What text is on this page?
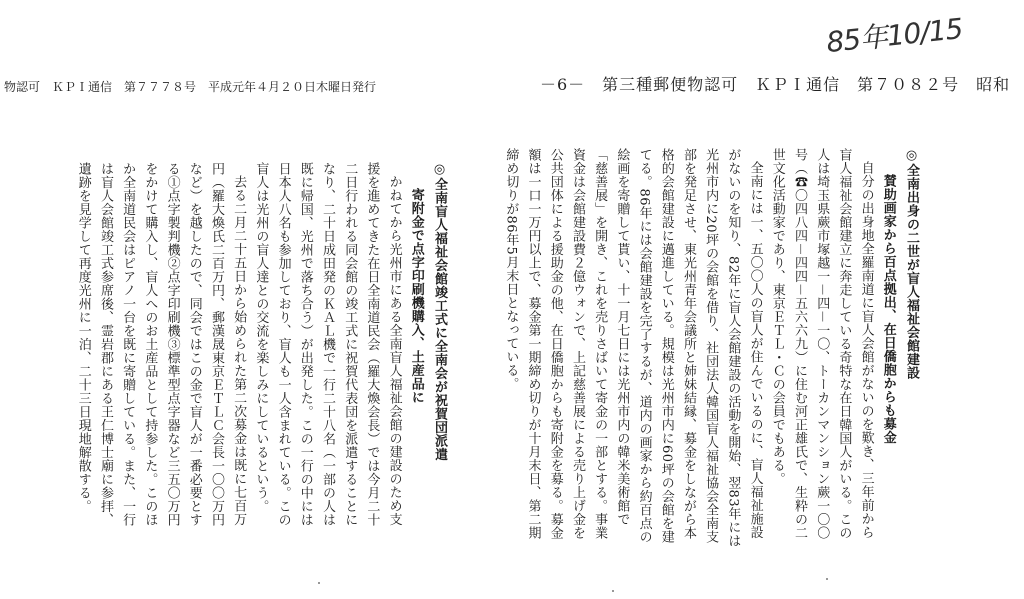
物認可　ＫＰＩ通信　第７７７８号　平成元年４月２０日木曜日発行	－6－　第三種郵便物認可　ＫＰＩ通信　第７０８２号　昭和
85年10/15

◎全南出身の二世が盲人福祉会館建設

賛助画家から百点拠出、在日僑胞からも募金

自分の出身地全羅南道に盲人会館がないのを歎き、三年前から盲人福祉会館建立に奔走している奇特な在日韓国人がいる。この人は埼玉県蕨市塚越一－四－一〇、トーカンマンション蕨一〇〇号（☎〇四八四－四四－五六六九）に住む河正雄氏で、生粋の二世文化活動家であり、東京ＥＴＬ・Ｃの会員でもある。

全南には一、五〇〇人の盲人が住んでいるのに、盲人福祉施設がないのを知り、82年に盲人会館建設の活動を開始、翌83年には光州市内に20坪の会館を借り、社団法人韓国盲人福祉協会全南支部を発足させ、東光州青年会議所と姉妹結縁、募金をしながら本格的会館建設に邁進している。規模は光州市内に60坪の会館を建てる。86年には会館建設を完了するが、道内の画家から約百点の絵画を寄贈して貰い、十一月七日には光州市内の韓米美術館で「慈善展」を開き、これを売りさばいて寄金の一部とする。事業資金は会館建設費２億ウォンで、上記慈善展による売り上げ金を公共団体による援助金の他、在日僑胞からも寄附金を募る。募金額は一口一万円以上で、募金第一期締め切りが十月末日、第二期締め切りが86年5月末日となっている。

◎全南盲人福祉会館竣工式に全南会が祝賀団派遣

寄附金で点字印刷機購入、土産品に

かねてから光州市にある全南盲人福祉会館の建設のため支援を進めてきた在日全南道民会（羅大煥会長）では今月二十二日行われる同会館の竣工式に祝賀代表団を派遣することになり、二十日成田発のＫＡＬ機で一行二十八名（一部の人は既に帰国、光州で落ち合う）が出発した。この一行の中には日本人八名も参加しており、盲人も一人含まれている。この盲人は光州の盲人達との交流を楽しみにしているという。

去る二月二十五日から始められた第二次募金は既に七百万円（羅大煥氏二百万円、郵漢晟東京ＥＴＬＣ会長一〇〇万円など）を越したので、同会ではこの金で盲人が一番必要とする①点字製判機②点字印刷機③標準型点字器など三五〇万円をかけて購入し、盲人へのお土産品として持参した。このほか全南道民会はピアノ一台を既に寄贈している。また、一行は盲人会館竣工式参席後、霊岩郡にある王仁博士廟に参拝、遺跡を見学して再度光州に一泊、二十三日現地解散する。
